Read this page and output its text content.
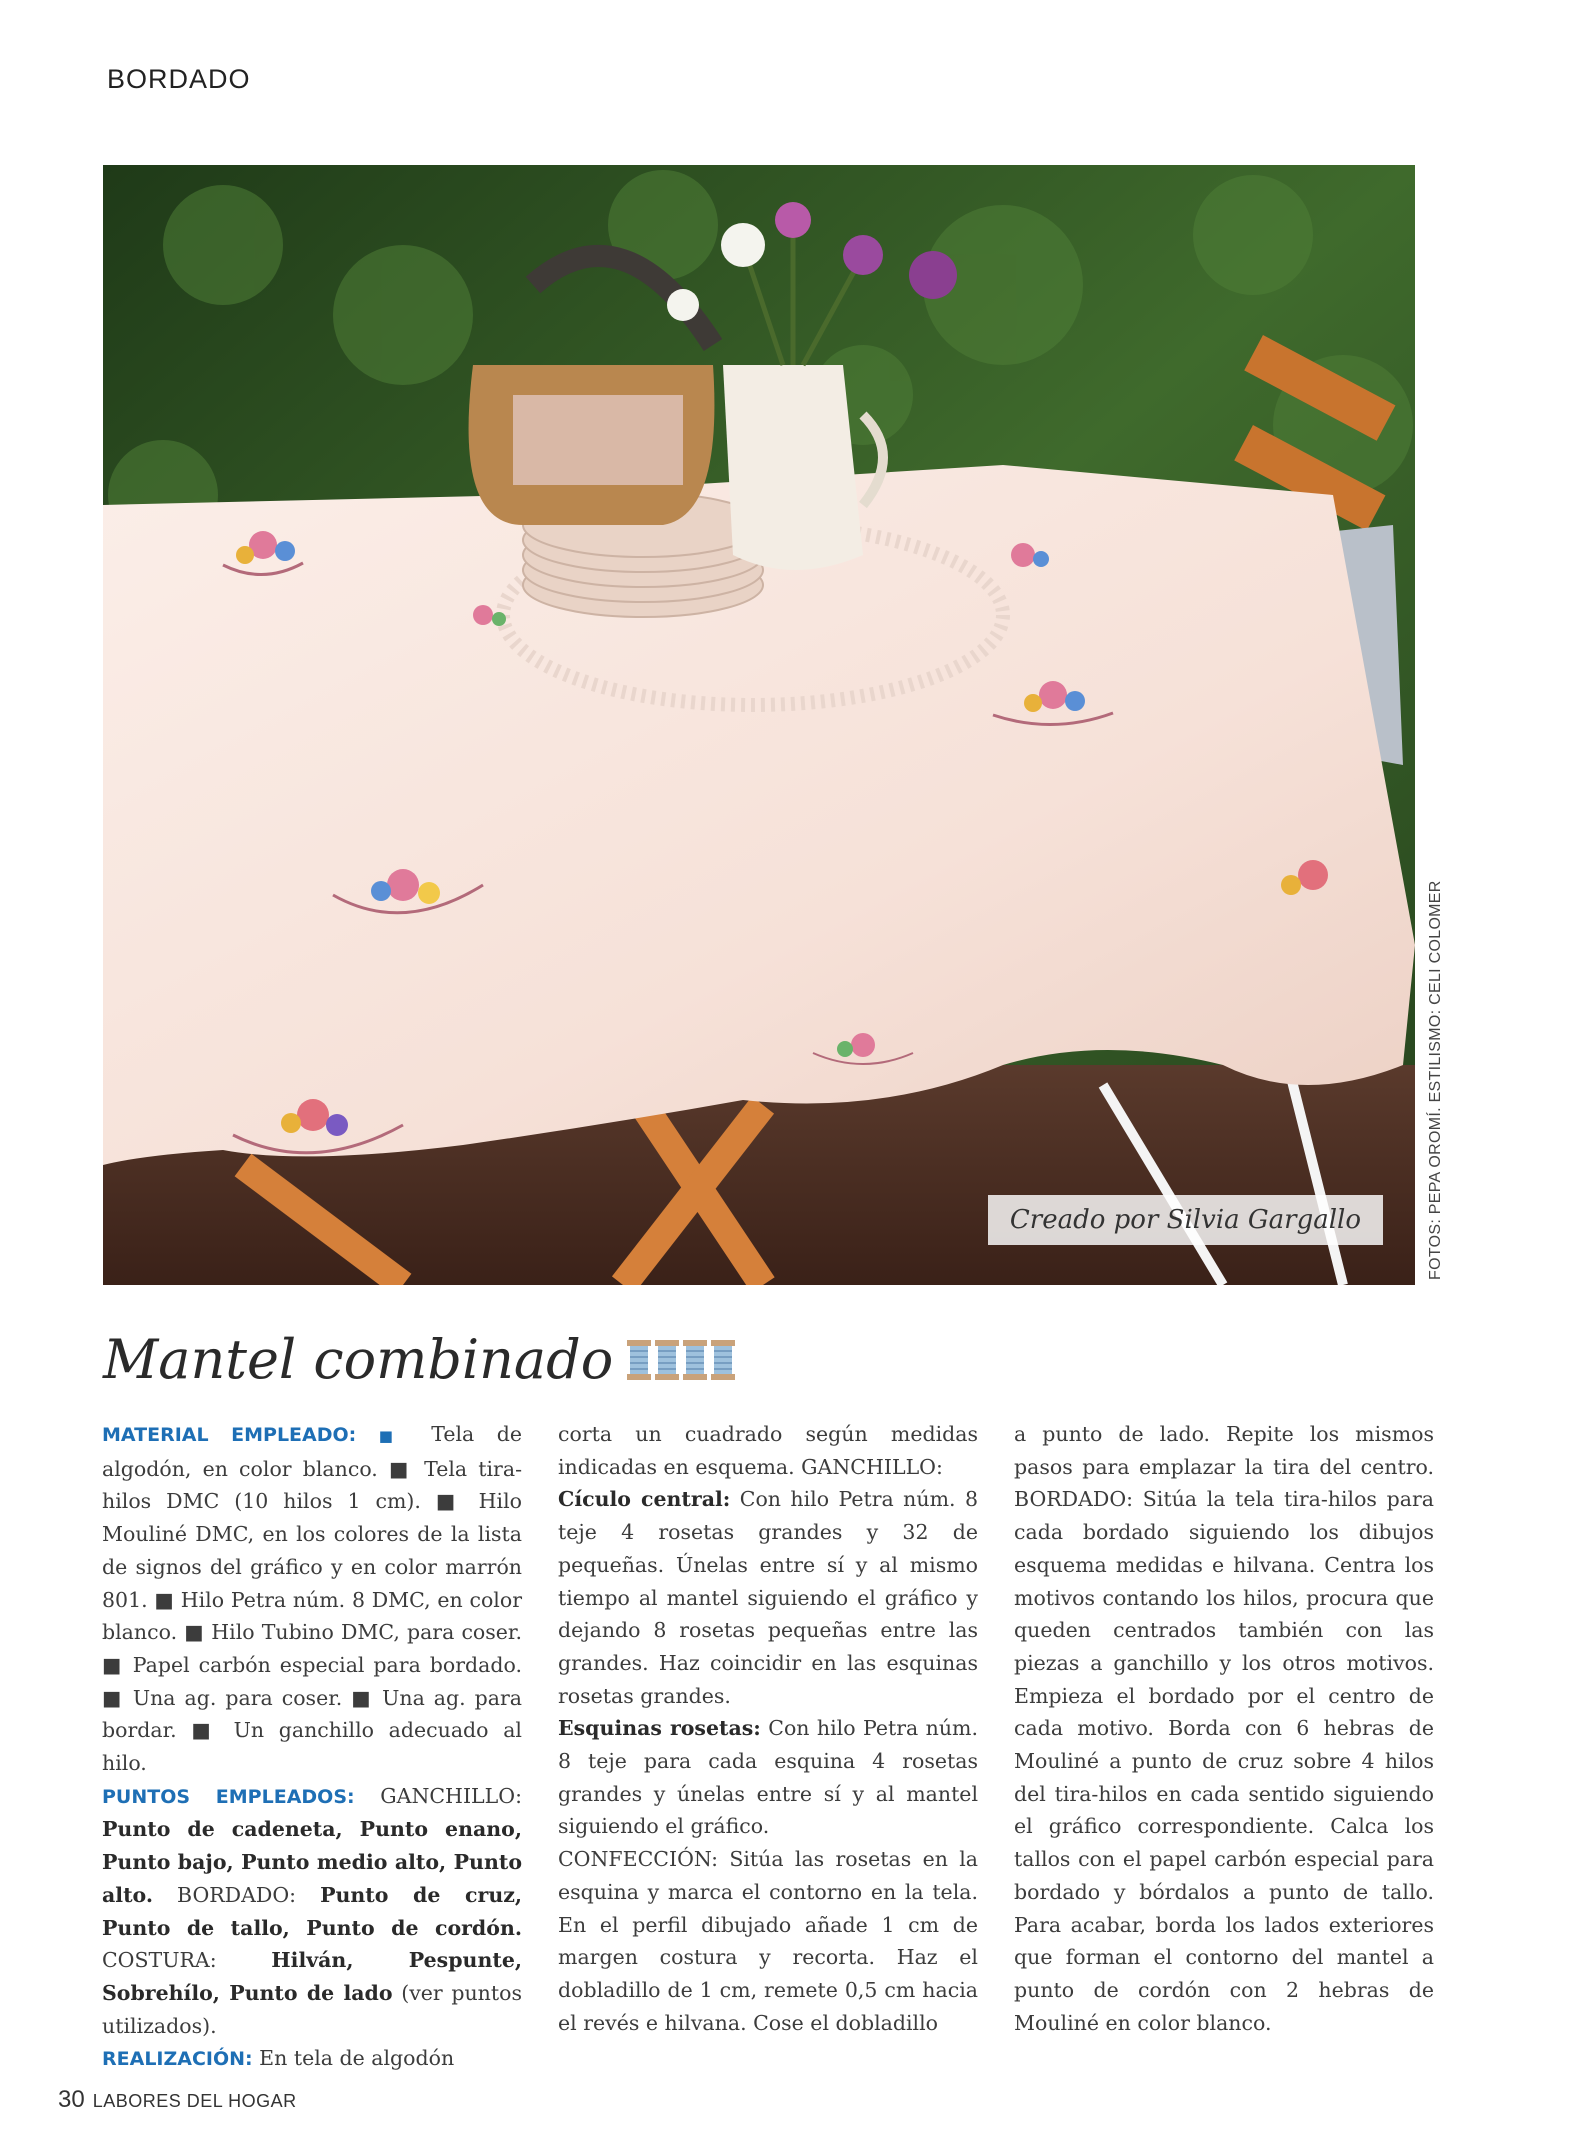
BORDADO
Creado por Silvia Gargallo	FOTOS: PEPA OROMÍ. ESTILISMO: CELI COLOMER
Mantel combinado

MATERIAL EMPLEADO: ■ Tela de algodón, en color blanco. ■ Tela tira-hilos DMC (10 hilos 1 cm). ■ Hilo Mouliné DMC, en los colores de la lista de signos del gráfico y en color marrón 801. ■ Hilo Petra núm. 8 DMC, en color blanco. ■ Hilo Tubino DMC, para coser. ■ Papel carbón especial para bordado. ■ Una ag. para coser. ■ Una ag. para bordar. ■ Un ganchillo adecuado al hilo.

PUNTOS EMPLEADOS: GANCHILLO: Punto de cadeneta, Punto enano, Punto bajo, Punto medio alto, Punto alto. BORDADO: Punto de cruz, Punto de tallo, Punto de cordón. COSTURA: Hilván, Pespunte, Sobrehílo, Punto de lado (ver puntos utilizados).

REALIZACIÓN: En tela de algodón

corta un cuadrado según medidas indicadas en esquema. GANCHILLO:

Cículo central: Con hilo Petra núm. 8 teje 4 rosetas grandes y 32 de pequeñas. Únelas entre sí y al mismo tiempo al mantel siguiendo el gráfico y dejando 8 rosetas pequeñas entre las grandes. Haz coincidir en las esquinas rosetas grandes.

Esquinas rosetas: Con hilo Petra núm. 8 teje para cada esquina 4 rosetas grandes y únelas entre sí y al mantel siguiendo el gráfico.

CONFECCIÓN: Sitúa las rosetas en la esquina y marca el contorno en la tela. En el perfil dibujado añade 1 cm de margen costura y recorta. Haz el dobladillo de 1 cm, remete 0,5 cm hacia el revés e hilvana. Cose el dobladillo

a punto de lado. Repite los mismos pasos para emplazar la tira del centro. BORDADO: Sitúa la tela tira-hilos para cada bordado siguiendo los dibujos esquema medidas e hilvana. Centra los motivos contando los hilos, procura que queden centrados también con las piezas a ganchillo y los otros motivos. Empieza el bordado por el centro de cada motivo. Borda con 6 hebras de Mouliné a punto de cruz sobre 4 hilos del tira-hilos en cada sentido siguiendo el gráfico correspondiente. Calca los tallos con el papel carbón especial para bordado y bórdalos a punto de tallo. Para acabar, borda los lados exteriores que forman el contorno del mantel a punto de cordón con 2 hebras de Mouliné en color blanco.

30 LABORES DEL HOGAR
